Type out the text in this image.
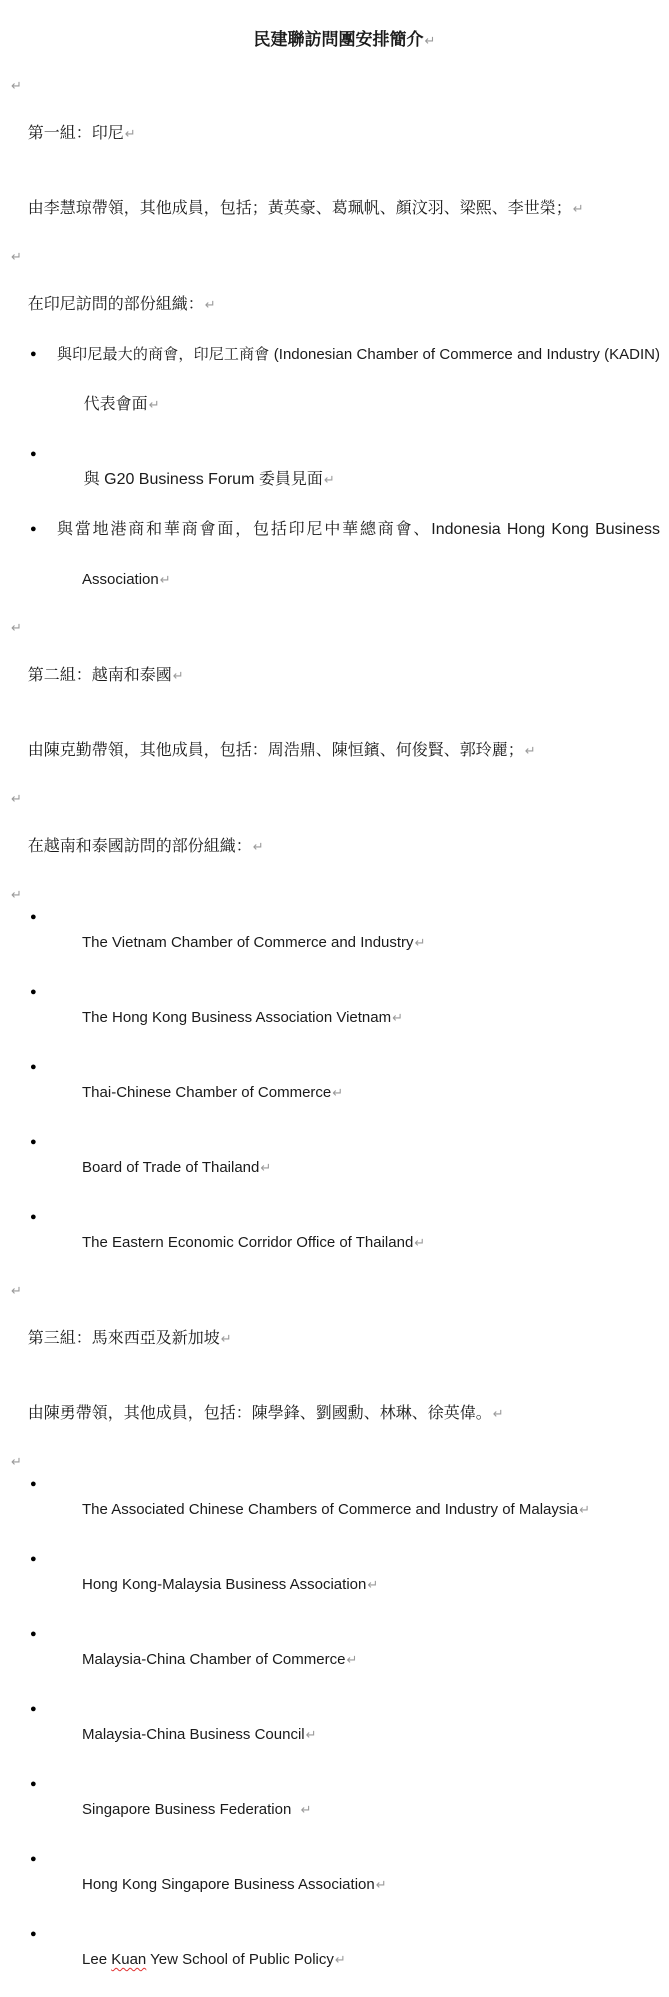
民建聯訪問團安排簡介↵

↵

第一組：印尼↵

由李慧琼帶領，其他成員，包括；黃英豪、葛珮帆、顏汶羽、梁熙、李世榮；↵

↵

在印尼訪問的部份組織：↵

● 與印尼最大的商會，印尼工商會 (Indonesian Chamber of Commerce and Industry (KADIN)

代表會面↵

●

與 G20 Business Forum 委員見面↵

● 與當地港商和華商會面，包括印尼中華總商會、Indonesia Hong Kong Business

Association↵

↵

第二組：越南和泰國↵

由陳克勤帶領，其他成員，包括：周浩鼎、陳恒鑌、何俊賢、郭玲麗；↵

↵

在越南和泰國訪問的部份組織：↵

↵
●

The Vietnam Chamber of Commerce and Industry↵

●

The Hong Kong Business Association Vietnam↵

●

Thai-Chinese Chamber of Commerce↵

●

Board of Trade of Thailand↵

●

The Eastern Economic Corridor Office of Thailand↵

↵

第三組：馬來西亞及新加坡↵

由陳勇帶領，其他成員，包括：陳學鋒、劉國勳、林琳、徐英偉。↵

↵
●

The Associated Chinese Chambers of Commerce and Industry of Malaysia↵

●

Hong Kong-Malaysia Business Association↵

●

Malaysia-China Chamber of Commerce↵

●

Malaysia-China Business Council↵

●

Singapore Business Federation  ↵

●

Hong Kong Singapore Business Association↵

●

Lee Kuan Yew School of Public Policy↵
